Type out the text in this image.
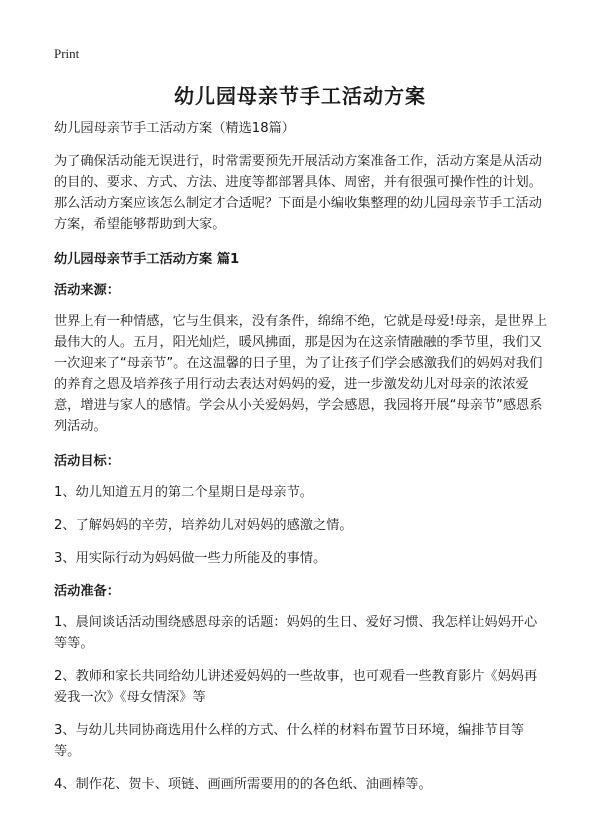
Print
幼儿园母亲节手工活动方案

幼儿园母亲节手工活动方案（精选18篇）

为了确保活动能无误进行，时常需要预先开展活动方案准备工作，活动方案是从活动的目的、要求、方式、方法、进度等都部署具体、周密，并有很强可操作性的计划。那么活动方案应该怎么制定才合适呢？下面是小编收集整理的幼儿园母亲节手工活动方案，希望能够帮助到大家。

幼儿园母亲节手工活动方案 篇1

活动来源：

世界上有一种情感，它与生俱来，没有条件，绵绵不绝，它就是母爱!母亲，是世界上最伟大的人。五月，阳光灿烂，暖风拂面，那是因为在这亲情融融的季节里，我们又一次迎来了“母亲节”。在这温馨的日子里，为了让孩子们学会感激我们的妈妈对我们的养育之恩及培养孩子用行动去表达对妈妈的爱，进一步激发幼儿对母亲的浓浓爱意，增进与家人的感情。学会从小关爱妈妈，学会感恩，我园将开展“母亲节”感恩系列活动。

活动目标：

1、幼儿知道五月的第二个星期日是母亲节。

2、了解妈妈的辛劳，培养幼儿对妈妈的感激之情。

3、用实际行动为妈妈做一些力所能及的事情。

活动准备：

1、晨间谈话活动围绕感恩母亲的话题：妈妈的生日、爱好习惯、我怎样让妈妈开心等等。

2、教师和家长共同给幼儿讲述爱妈妈的一些故事，也可观看一些教育影片《妈妈再爱我一次》《母女情深》等

3、与幼儿共同协商选用什么样的方式、什么样的材料布置节日环境，编排节目等等。

4、制作花、贺卡、项链、画画所需要用的的各色纸、油画棒等。
